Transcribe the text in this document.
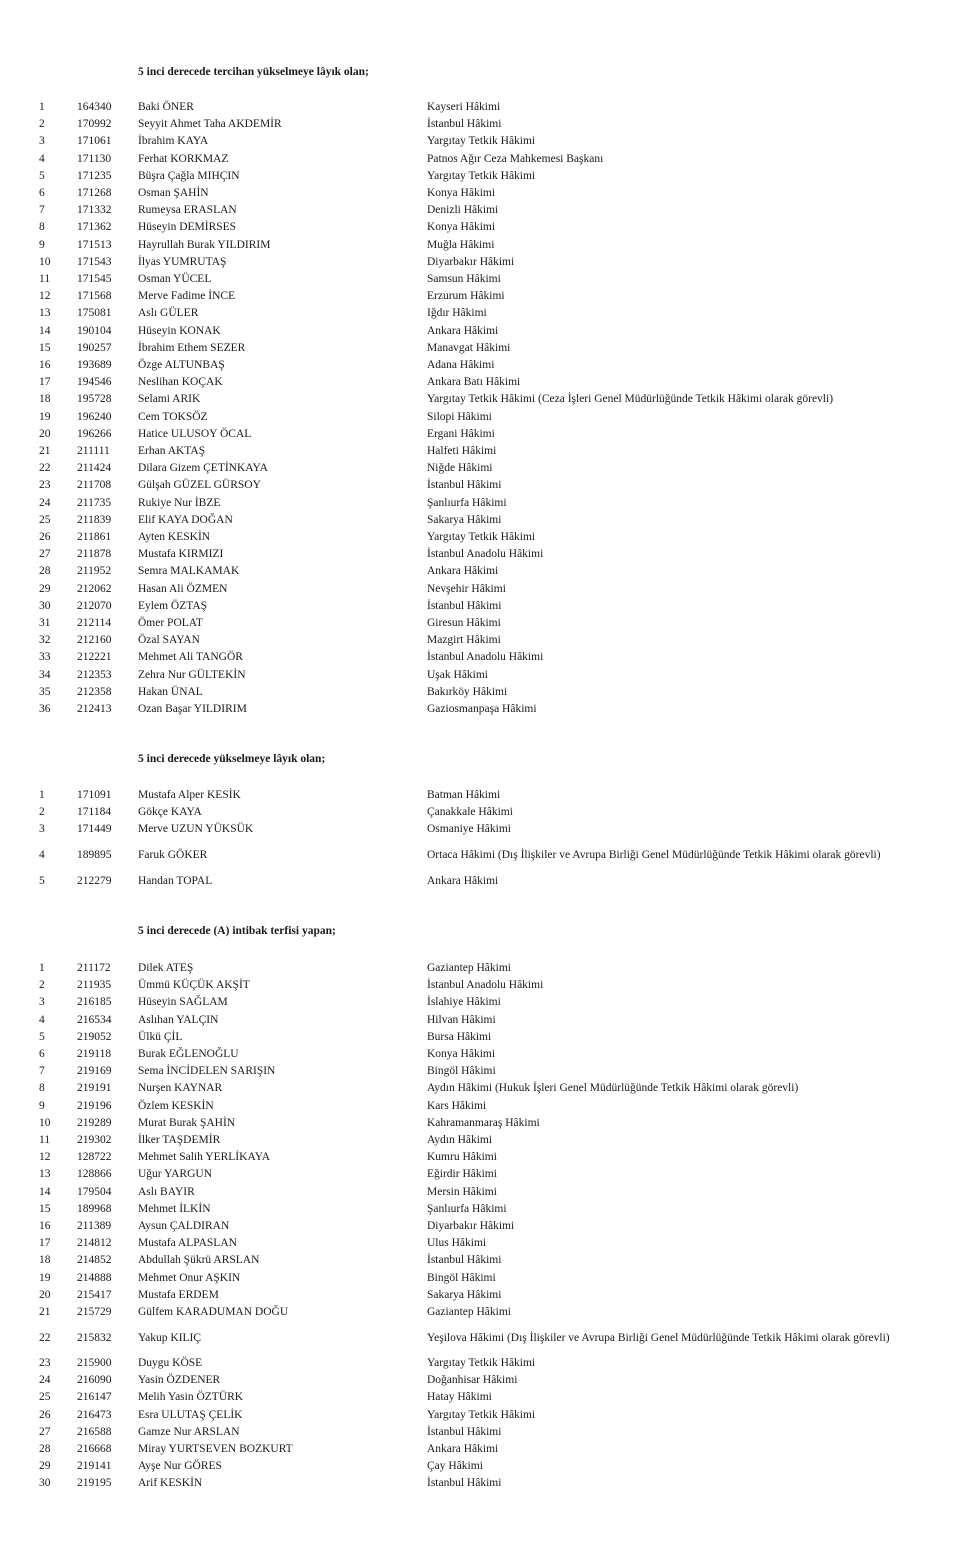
5 inci derecede tercihan yükselmeye lâyık olan;
1	164340 Baki ÖNER	Kayseri Hâkimi
2	170992 Seyyit Ahmet Taha AKDEMİR	İstanbul Hâkimi
3	171061 İbrahim KAYA	Yargıtay Tetkik Hâkimi
4	171130 Ferhat KORKMAZ	Patnos Ağır Ceza Mahkemesi Başkanı
5	171235 Büşra Çağla MIHÇIN	Yargıtay Tetkik Hâkimi
6	171268 Osman ŞAHİN	Konya Hâkimi
7	171332 Rumeysa ERASLAN	Denizli Hâkimi
8	171362 Hüseyin DEMİRSES	Konya Hâkimi
9	171513 Hayrullah Burak YILDIRIM	Muğla Hâkimi
10 171543 İlyas YUMRUTAŞ	Diyarbakır Hâkimi
11 171545 Osman YÜCEL	Samsun Hâkimi
12 171568 Merve Fadime İNCE	Erzurum Hâkimi
13 175081 Aslı GÜLER	Iğdır Hâkimi
14 190104 Hüseyin KONAK	Ankara Hâkimi
15 190257 İbrahim Ethem SEZER	Manavgat Hâkimi
16 193689 Özge ALTUNBAŞ	Adana Hâkimi
17 194546 Neslihan KOÇAK	Ankara Batı Hâkimi
18 195728 Selami ARIK	Yargıtay Tetkik Hâkimi (Ceza İşleri Genel Müdürlüğünde Tetkik Hâkimi olarak görevli)
19 196240 Cem TOKSÖZ	Silopi Hâkimi
20 196266 Hatice ULUSOY ÖCAL	Ergani Hâkimi
21 211111 Erhan AKTAŞ	Halfeti Hâkimi
22 211424 Dilara Gizem ÇETİNKAYA	Niğde Hâkimi
23 211708 Gülşah GÜZEL GÜRSOY	İstanbul Hâkimi
24 211735 Rukiye Nur İBZE	Şanlıurfa Hâkimi
25 211839 Elif KAYA DOĞAN	Sakarya Hâkimi
26 211861 Ayten KESKİN	Yargıtay Tetkik Hâkimi
27 211878 Mustafa KIRMIZI	İstanbul Anadolu Hâkimi
28 211952 Semra MALKAMAK	Ankara Hâkimi
29 212062 Hasan Ali ÖZMEN	Nevşehir Hâkimi
30 212070 Eylem ÖZTAŞ	İstanbul Hâkimi
31 212114 Ömer POLAT	Giresun Hâkimi
32 212160 Özal SAYAN	Mazgirt Hâkimi
33 212221 Mehmet Ali TANGÖR	İstanbul Anadolu Hâkimi
34 212353 Zehra Nur GÜLTEKİN	Uşak Hâkimi
35 212358 Hakan ÜNAL	Bakırköy Hâkimi
36 212413 Ozan Başar YILDIRIM	Gaziosmanpaşa Hâkimi
5 inci derecede yükselmeye lâyık olan;
1	171091 Mustafa Alper KESİK	Batman Hâkimi
2	171184 Gökçe KAYA	Çanakkale Hâkimi
3	171449 Merve UZUN YÜKSÜK	Osmaniye Hâkimi
4	189895 Faruk GÖKER	Ortaca Hâkimi (Dış İlişkiler ve Avrupa Birliği Genel Müdürlüğünde Tetkik Hâkimi olarak görevli)
5	212279 Handan TOPAL	Ankara Hâkimi
5 inci derecede (A) intibak terfisi yapan;
1	211172 Dilek ATEŞ	Gaziantep Hâkimi
2	211935 Ümmü KÜÇÜK AKŞİT	İstanbul Anadolu Hâkimi
3	216185 Hüseyin SAĞLAM	İslahiye Hâkimi
4	216534 Aslıhan YALÇIN	Hilvan Hâkimi
5	219052 Ülkü ÇİL	Bursa Hâkimi
6	219118 Burak EĞLENOĞLU	Konya Hâkimi
7	219169 Sema İNCİDELEN SARIŞIN	Bingöl Hâkimi
8	219191 Nurşen KAYNAR	Aydın Hâkimi (Hukuk İşleri Genel Müdürlüğünde Tetkik Hâkimi olarak görevli)
9	219196 Özlem KESKİN	Kars Hâkimi
10 219289 Murat Burak ŞAHİN	Kahramanmaraş Hâkimi
11 219302 İlker TAŞDEMİR	Aydın Hâkimi
12 128722 Mehmet Salih YERLİKAYA	Kumru Hâkimi
13 128866 Uğur YARGUN	Eğirdir Hâkimi
14 179504 Aslı BAYIR	Mersin Hâkimi
15 189968 Mehmet İLKİN	Şanlıurfa Hâkimi
16 211389 Aysun ÇALDIRAN	Diyarbakır Hâkimi
17 214812 Mustafa ALPASLAN	Ulus Hâkimi
18 214852 Abdullah Şükrü ARSLAN	İstanbul Hâkimi
19 214888 Mehmet Onur AŞKIN	Bingöl Hâkimi
20 215417 Mustafa ERDEM	Sakarya Hâkimi
21 215729 Gülfem KARADUMAN DOĞU	Gaziantep Hâkimi
22 215832 Yakup KILIÇ	Yeşilova Hâkimi (Dış İlişkiler ve Avrupa Birliği Genel Müdürlüğünde Tetkik Hâkimi olarak görevli)
23 215900 Duygu KÖSE	Yargıtay Tetkik Hâkimi
24 216090 Yasin ÖZDENER	Doğanhisar Hâkimi
25 216147 Melih Yasin ÖZTÜRK	Hatay Hâkimi
26 216473 Esra ULUTAŞ ÇELİK	Yargıtay Tetkik Hâkimi
27 216588 Gamze Nur ARSLAN	İstanbul Hâkimi
28 216668 Miray YURTSEVEN BOZKURT	Ankara Hâkimi
29 219141 Ayşe Nur GÖRES	Çay Hâkimi
30 219195 Arif KESKİN	İstanbul Hâkimi
